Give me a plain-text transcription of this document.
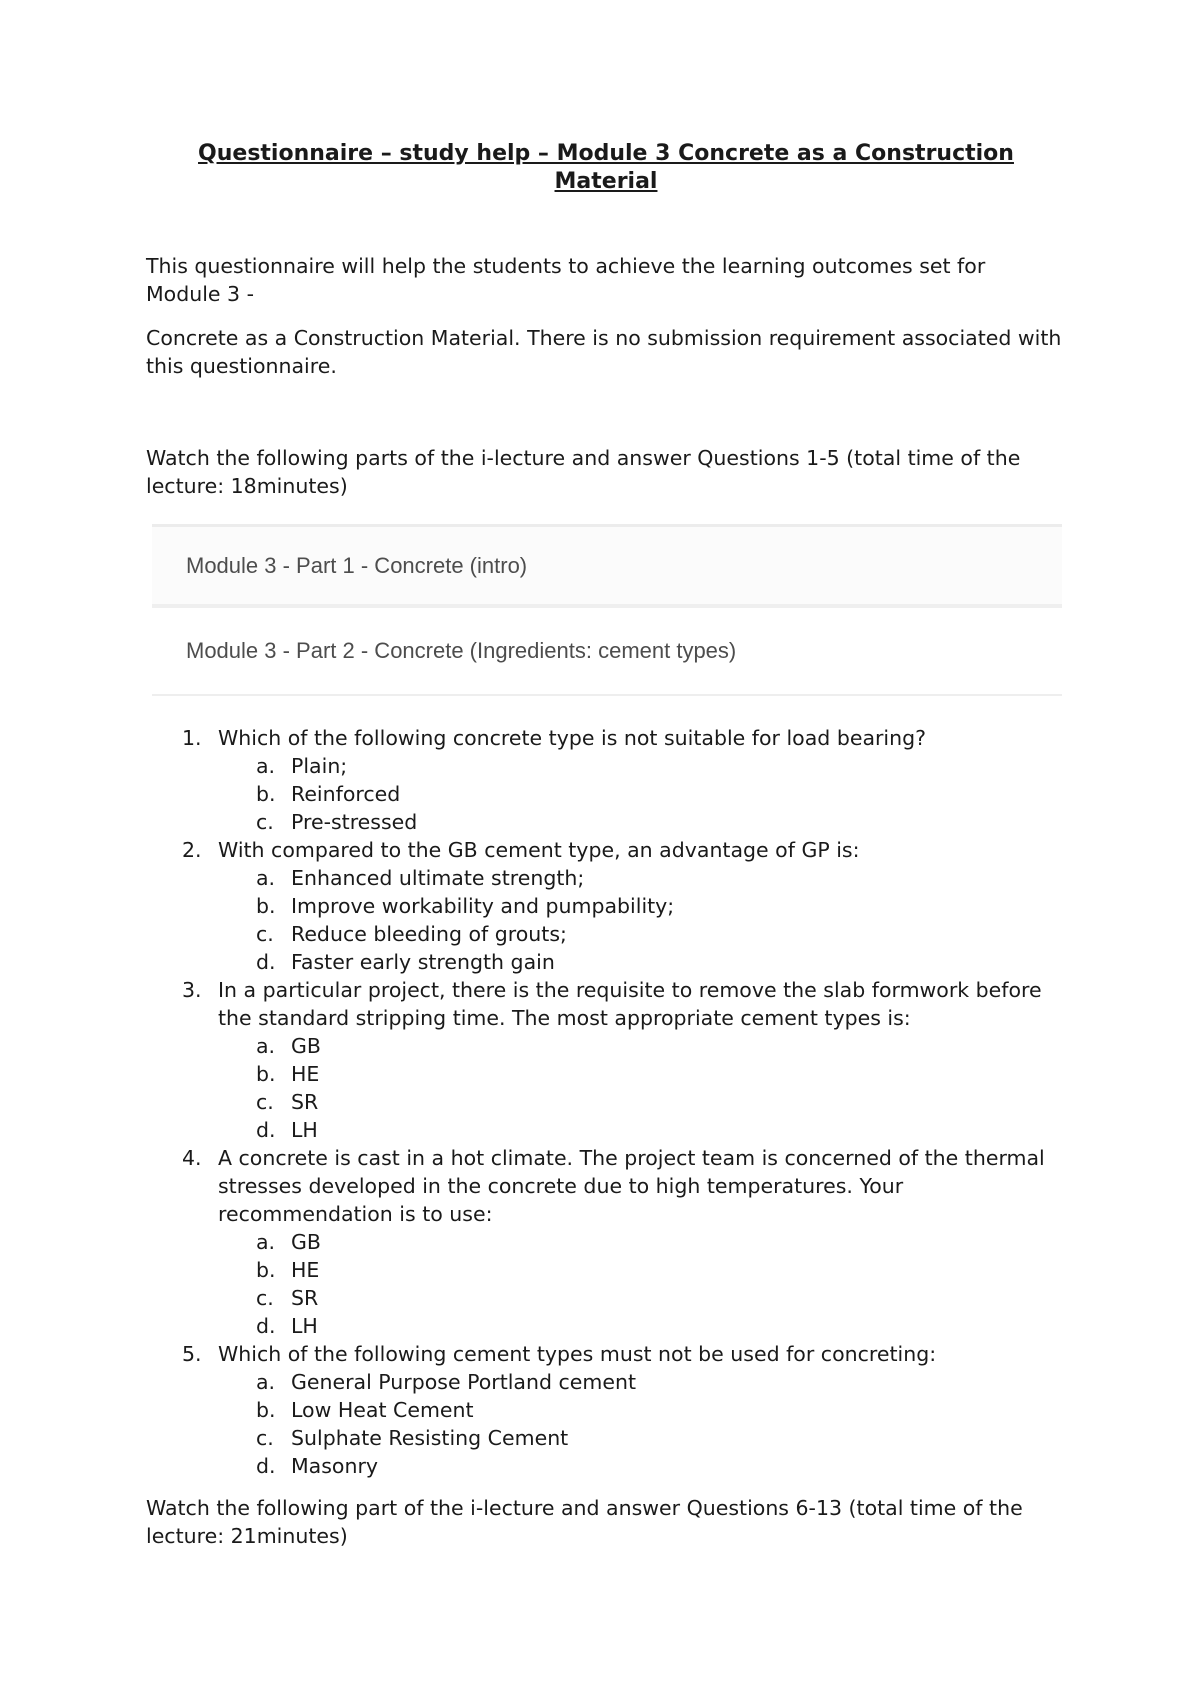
Questionnaire – study help – Module 3 Concrete as a Construction
Material

This questionnaire will help the students to achieve the learning outcomes set for Module 3 -

Concrete as a Construction Material. There is no submission requirement associated with this questionnaire.

Watch the following parts of the i-lecture and answer Questions 1-5 (total time of the lecture: 18minutes)

Module 3 - Part 1 - Concrete (intro)
Module 3 - Part 2 - Concrete (Ingredients: cement types)
1. Which of the following concrete type is not suitable for load bearing?
a. Plain;
b. Reinforced
c. Pre-stressed
2. With compared to the GB cement type, an advantage of GP is:
a. Enhanced ultimate strength;
b. Improve workability and pumpability;
c. Reduce bleeding of grouts;
d. Faster early strength gain
3. In a particular project, there is the requisite to remove the slab formwork before the standard stripping time. The most appropriate cement types is:
a. GB
b. HE
c. SR
d. LH
4. A concrete is cast in a hot climate. The project team is concerned of the thermal stresses developed in the concrete due to high temperatures. Your recommendation is to use:
a. GB
b. HE
c. SR
d. LH
5. Which of the following cement types must not be used for concreting:
a. General Purpose Portland cement
b. Low Heat Cement
c. Sulphate Resisting Cement
d. Masonry

Watch the following part of the i-lecture and answer Questions 6-13 (total time of the lecture: 21minutes)
